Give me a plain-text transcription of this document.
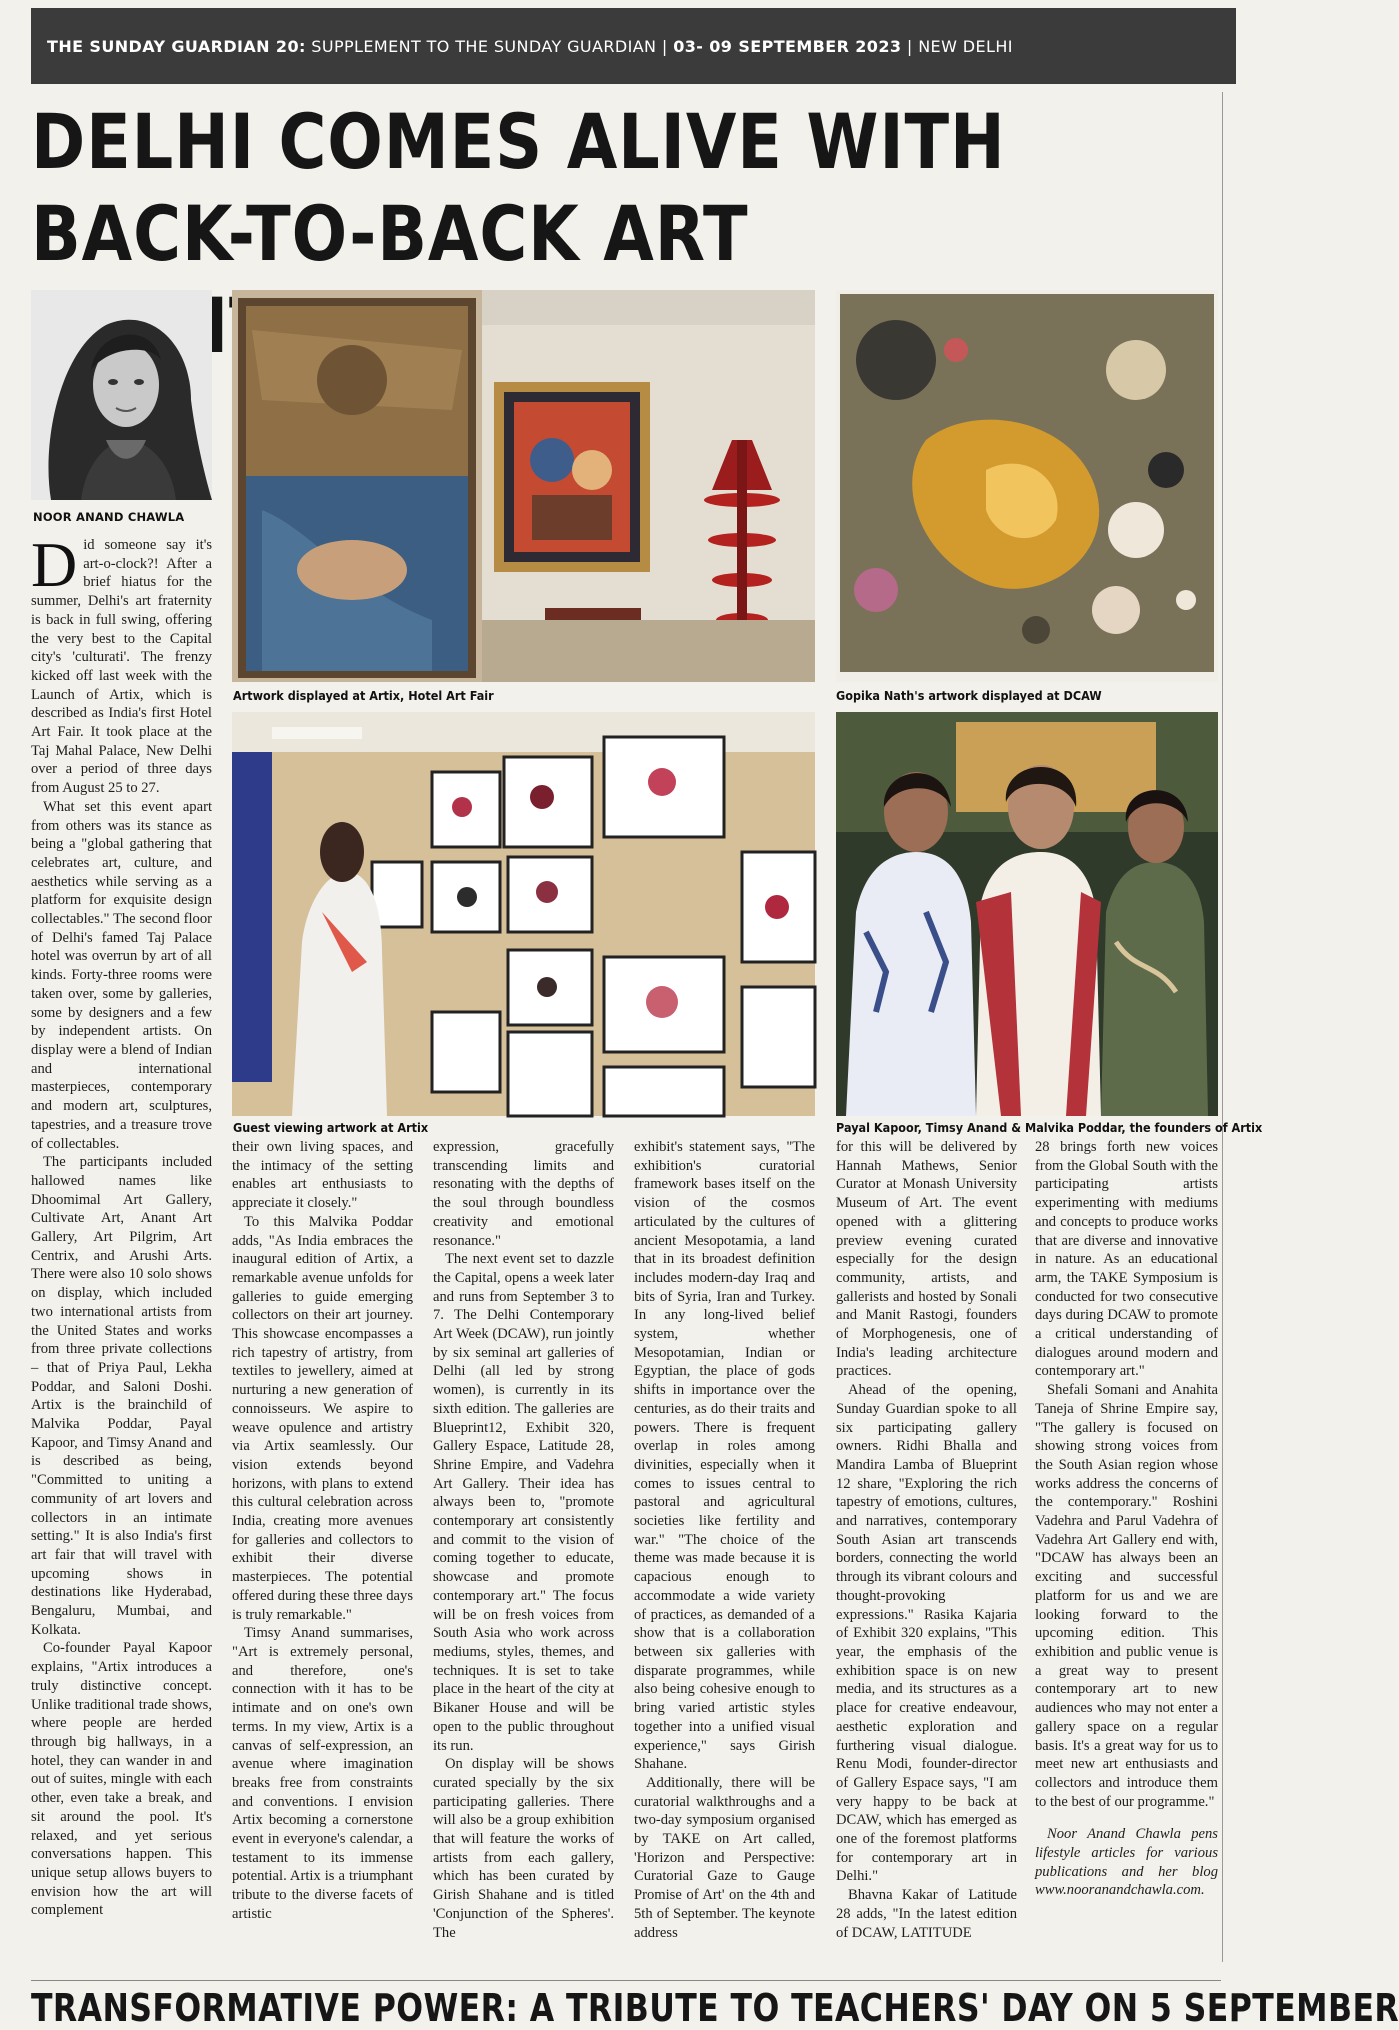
THE SUNDAY GUARDIAN 20:
SUPPLEMENT TO THE SUNDAY GUARDIAN | 03- 09 SEPTEMBER 2023 | NEW DELHI
DELHI COMES ALIVE WITH BACK-TO-BACK ART
NOOR ANAND CHAWLA
Artwork displayed at Artix, Hotel Art Fair	Gopika Nath's artwork displayed at DCAW
Guest viewing artwork at Artix	Payal Kapoor, Timsy Anand & Malvika Poddar, the founders of Artix
D id someone say it's art-o-clock?! After a brief hiatus for the summer, Delhi's art fraternity is back in full swing, offering the very best to the Capital city's 'culturati'. The frenzy kicked off last week with the Launch of Artix, which is described as India's first Hotel Art Fair. It took place at the Taj Mahal Palace, New Delhi over a period of three days from August 25 to 27.

What set this event apart from others was its stance as being a "global gathering that celebrates art, culture, and aesthetics while serving as a platform for exquisite design collectables." The second floor of Delhi's famed Taj Palace hotel was overrun by art of all kinds. Forty-three rooms were taken over, some by galleries, some by designers and a few by independent artists. On display were a blend of Indian and international masterpieces, contemporary and modern art, sculptures, tapestries, and a treasure trove of collectables.

The participants included hallowed names like Dhoomimal Art Gallery, Cultivate Art, Anant Art Gallery, Art Pilgrim, Art Centrix, and Arushi Arts. There were also 10 solo shows on display, which included two international artists from the United States and works from three private collections – that of Priya Paul, Lekha Poddar, and Saloni Doshi. Artix is the brainchild of Malvika Poddar, Payal Kapoor, and Timsy Anand and is described as being, "Committed to uniting a community of art lovers and collectors in an intimate setting." It is also India's first art fair that will travel with upcoming shows in destinations like Hyderabad, Bengaluru, Mumbai, and Kolkata.

Co-founder Payal Kapoor explains, "Artix introduces a truly distinctive concept. Unlike traditional trade shows, where people are herded through big hallways, in a hotel, they can wander in and out of suites, mingle with each other, even take a break, and sit around the pool. It's relaxed, and yet serious conversations happen. This unique setup allows buyers to envision how the art will complement

their own living spaces, and the intimacy of the setting enables art enthusiasts to appreciate it closely."

To this Malvika Poddar adds, "As India embraces the inaugural edition of Artix, a remarkable avenue unfolds for galleries to guide emerging collectors on their art journey. This showcase encompasses a rich tapestry of artistry, from textiles to jewellery, aimed at nurturing a new generation of connoisseurs. We aspire to weave opulence and artistry via Artix seamlessly. Our vision extends beyond horizons, with plans to extend this cultural celebration across India, creating more avenues for galleries and collectors to exhibit their diverse masterpieces. The potential offered during these three days is truly remarkable."

Timsy Anand summarises, "Art is extremely personal, and therefore, one's connection with it has to be intimate and on one's own terms. In my view, Artix is a canvas of self-expression, an avenue where imagination breaks free from constraints and conventions. I envision Artix becoming a cornerstone event in everyone's calendar, a testament to its immense potential. Artix is a triumphant tribute to the diverse facets of artistic

expression, gracefully transcending limits and resonating with the depths of the soul through boundless creativity and emotional resonance."

The next event set to dazzle the Capital, opens a week later and runs from September 3 to 7. The Delhi Contemporary Art Week (DCAW), run jointly by six seminal art galleries of Delhi (all led by strong women), is currently in its sixth edition. The galleries are Blueprint12, Exhibit 320, Gallery Espace, Latitude 28, Shrine Empire, and Vadehra Art Gallery. Their idea has always been to, "promote contemporary art consistently and commit to the vision of coming together to educate, showcase and promote contemporary art." The focus will be on fresh voices from South Asia who work across mediums, styles, themes, and techniques. It is set to take place in the heart of the city at Bikaner House and will be open to the public throughout its run.

On display will be shows curated specially by the six participating galleries. There will also be a group exhibition that will feature the works of artists from each gallery, which has been curated by Girish Shahane and is titled 'Conjunction of the Spheres'. The

exhibit's statement says, "The exhibition's curatorial framework bases itself on the vision of the cosmos articulated by the cultures of ancient Mesopotamia, a land that in its broadest definition includes modern-day Iraq and bits of Syria, Iran and Turkey. In any long-lived belief system, whether Mesopotamian, Indian or Egyptian, the place of gods shifts in importance over the centuries, as do their traits and powers. There is frequent overlap in roles among divinities, especially when it comes to issues central to pastoral and agricultural societies like fertility and war." "The choice of the theme was made because it is capacious enough to accommodate a wide variety of practices, as demanded of a show that is a collaboration between six galleries with disparate programmes, while also being cohesive enough to bring varied artistic styles together into a unified visual experience," says Girish Shahane.

Additionally, there will be curatorial walkthroughs and a two-day symposium organised by TAKE on Art called, 'Horizon and Perspective: Curatorial Gaze to Gauge Promise of Art' on the 4th and 5th of September. The keynote address

for this will be delivered by Hannah Mathews, Senior Curator at Monash University Museum of Art. The event opened with a glittering preview evening curated especially for the design community, artists, and gallerists and hosted by Sonali and Manit Rastogi, founders of Morphogenesis, one of India's leading architecture practices.

Ahead of the opening, Sunday Guardian spoke to all six participating gallery owners. Ridhi Bhalla and Mandira Lamba of Blueprint 12 share, "Exploring the rich tapestry of emotions, cultures, and narratives, contemporary South Asian art transcends borders, connecting the world through its vibrant colours and thought-provoking expressions." Rasika Kajaria of Exhibit 320 explains, "This year, the emphasis of the exhibition space is on new media, and its structures as a place for creative endeavour, aesthetic exploration and furthering visual dialogue. Renu Modi, founder-director of Gallery Espace says, "I am very happy to be back at DCAW, which has emerged as one of the foremost platforms for contemporary art in Delhi."

Bhavna Kakar of Latitude 28 adds, "In the latest edition of DCAW, LATITUDE

28 brings forth new voices from the Global South with the participating artists experimenting with mediums and concepts to produce works that are diverse and innovative in nature. As an educational arm, the TAKE Symposium is conducted for two consecutive days during DCAW to promote a critical understanding of dialogues around modern and contemporary art."

Shefali Somani and Anahita Taneja of Shrine Empire say, "The gallery is focused on showing strong voices from the South Asian region whose works address the concerns of the contemporary." Roshini Vadehra and Parul Vadehra of Vadehra Art Gallery end with, "DCAW has always been an exciting and successful platform for us and we are looking forward to the upcoming edition. This exhibition and public venue is a great way to present contemporary art to new audiences who may not enter a gallery space on a regular basis. It's a great way for us to meet new art enthusiasts and collectors and introduce them to the best of our programme."

Noor Anand Chawla pens lifestyle articles for various publications and her blog www.nooranandchawla.com.

TRANSFORMATIVE POWER: A TRIBUTE TO TEACHERS' DAY ON 5 SEPTEMBER
